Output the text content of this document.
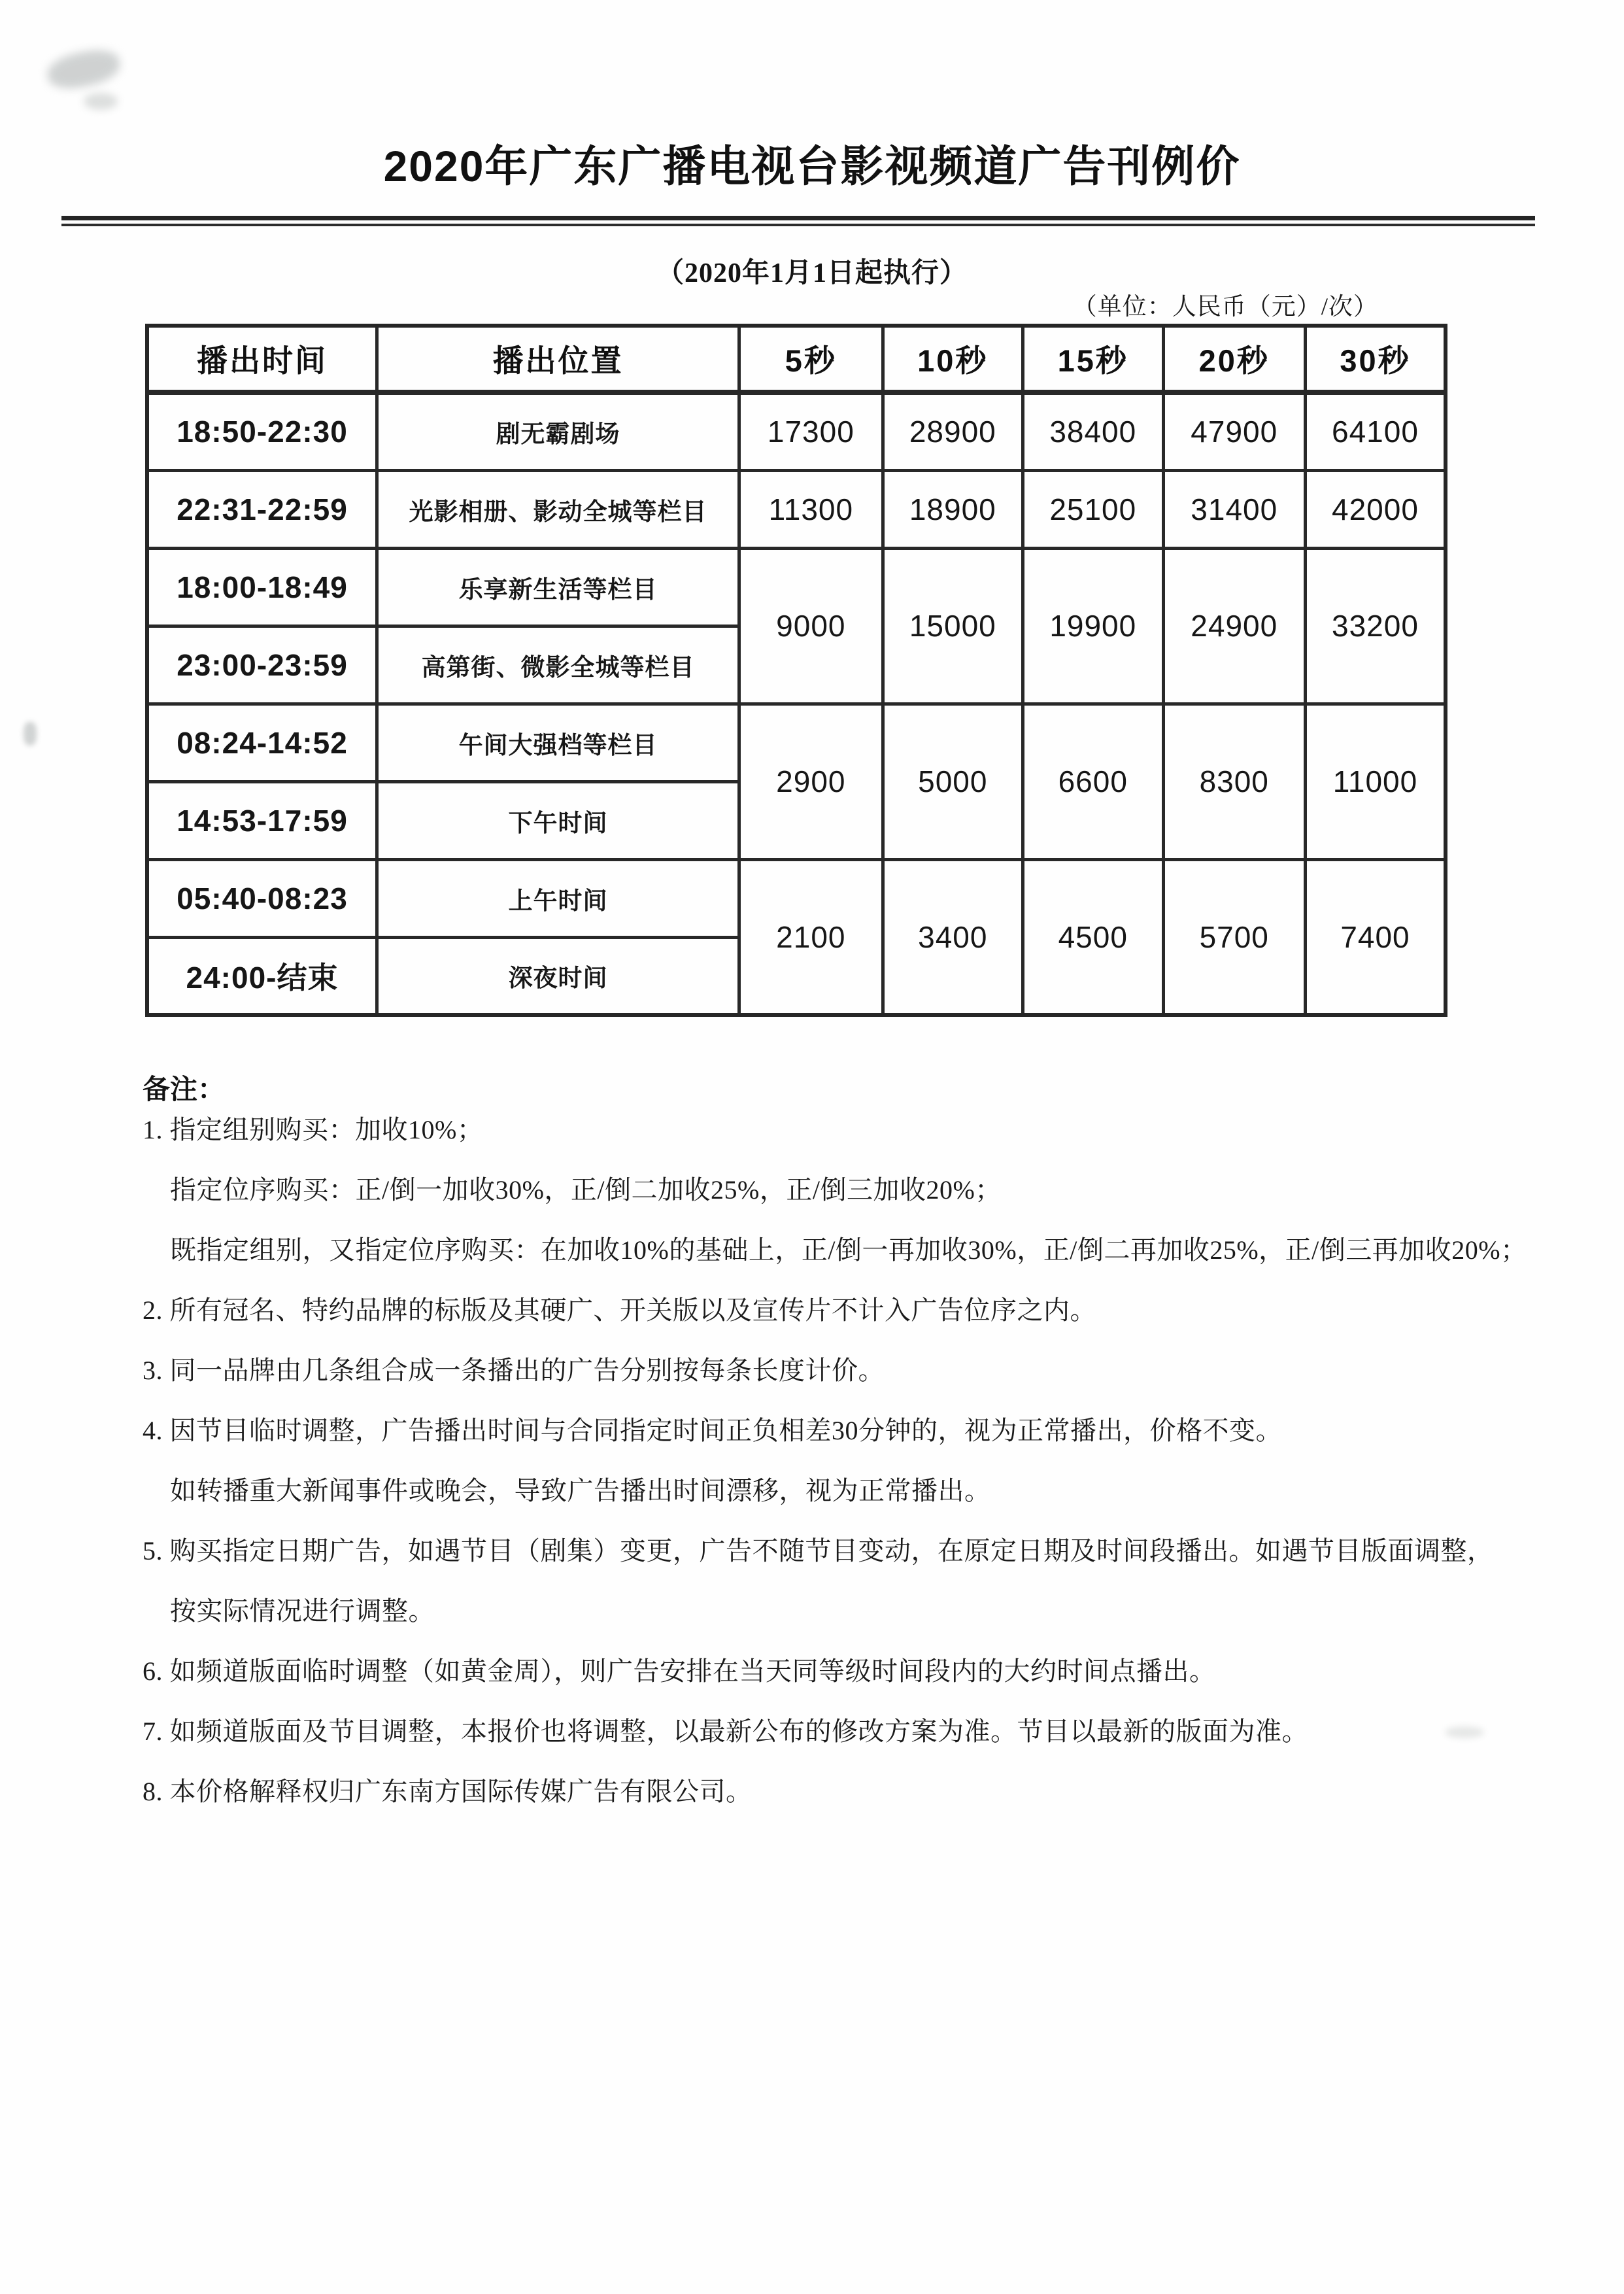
2020年广东广播电视台影视频道广告刊例价
（2020年1月1日起执行）
（单位：人民币（元）/次）
播出时间	播出位置	5秒	10秒	15秒	20秒	30秒
18:50-22:30	剧无霸剧场	17300	28900	38400	47900	64100
22:31-22:59	光影相册、影动全城等栏目	11300	18900	25100	31400	42000
18:00-18:49	乐享新生活等栏目	9000	15000	19900	24900	33200
23:00-23:59	高第街、微影全城等栏目					
08:24-14:52	午间大强档等栏目	2900	5000	6600	8300	11000
14:53-17:59	下午时间					
05:40-08:23	上午时间	2100	3400	4500	5700	7400
24:00-结束	深夜时间					
备注：
1. 指定组别购买：加收10%；
指定位序购买：正/倒一加收30%，正/倒二加收25%，正/倒三加收20%；
既指定组别，又指定位序购买：在加收10%的基础上，正/倒一再加收30%，正/倒二再加收25%，正/倒三再加收20%；
2. 所有冠名、特约品牌的标版及其硬广、开关版以及宣传片不计入广告位序之内。
3. 同一品牌由几条组合成一条播出的广告分别按每条长度计价。
4. 因节目临时调整，广告播出时间与合同指定时间正负相差30分钟的，视为正常播出，价格不变。
如转播重大新闻事件或晚会，导致广告播出时间漂移，视为正常播出。
5. 购买指定日期广告，如遇节目（剧集）变更，广告不随节目变动，在原定日期及时间段播出。如遇节目版面调整，
按实际情况进行调整。
6. 如频道版面临时调整（如黄金周），则广告安排在当天同等级时间段内的大约时间点播出。
7. 如频道版面及节目调整，本报价也将调整，以最新公布的修改方案为准。节目以最新的版面为准。
8. 本价格解释权归广东南方国际传媒广告有限公司。
